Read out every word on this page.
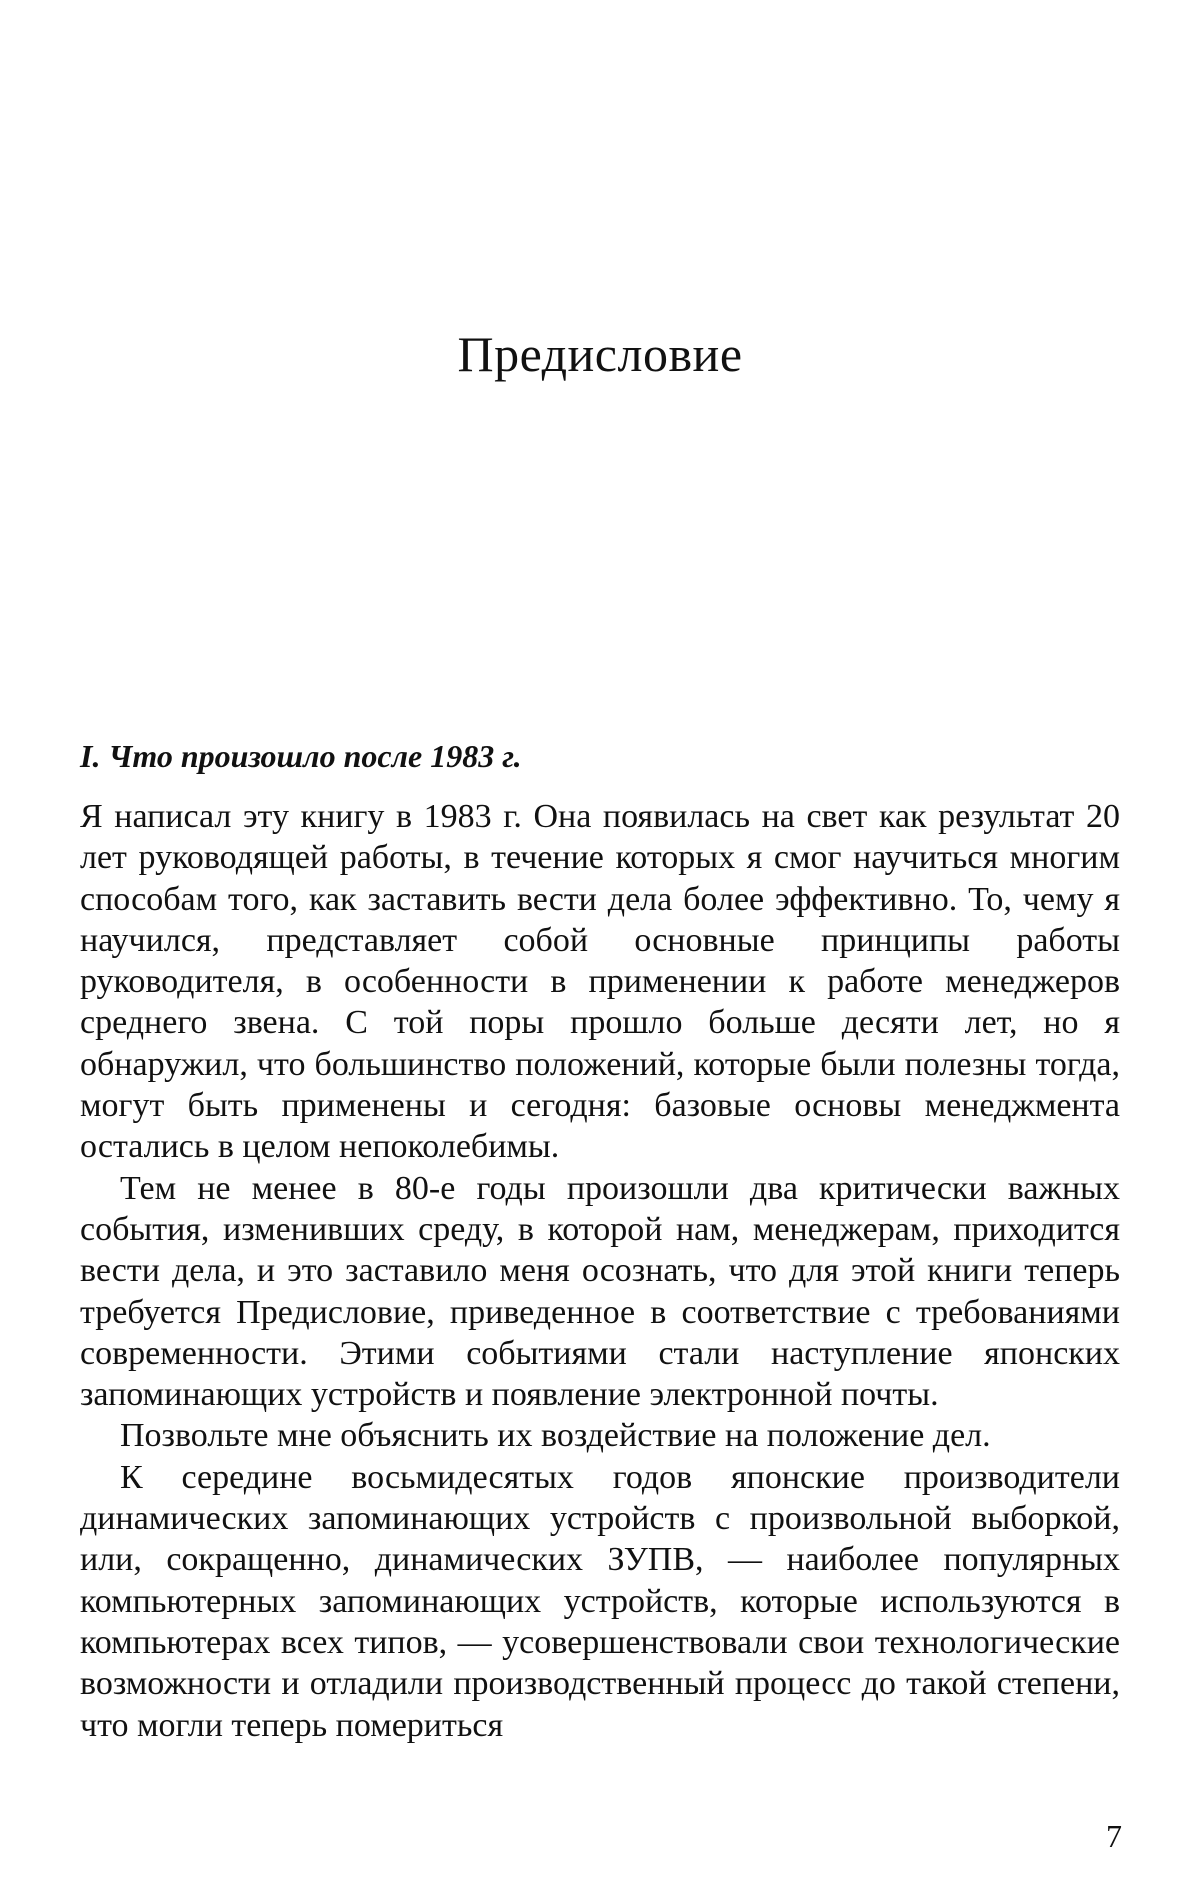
Предисловие
I. Что произошло после 1983 г.

Я написал эту книгу в 1983 г. Она появилась на свет как результат 20 лет руководящей работы, в течение которых я смог научиться многим способам того, как заставить вести дела более эффективно. То, чему я научился, представляет собой основные принципы работы руководителя, в особенности в применении к работе менеджеров среднего звена. С той поры прошло больше десяти лет, но я обнаружил, что большинство положений, которые были полезны тогда, могут быть применены и сегодня: базовые основы менеджмента остались в целом непоколебимы.

Тем не менее в 80-е годы произошли два критически важных события, изменивших среду, в которой нам, менеджерам, приходится вести дела, и это заставило меня осознать, что для этой книги теперь требуется Предисловие, приведенное в соответствие с требованиями современности. Этими событиями стали наступление японских запоминающих устройств и появление электронной почты.

Позвольте мне объяснить их воздействие на положение дел.

К середине восьмидесятых годов японские производители динамических запоминающих устройств с произвольной выборкой, или, сокращенно, динамических ЗУПВ, — наиболее популярных компьютерных запоминающих устройств, которые используются в компьютерах всех типов, — усовершенствовали свои технологические возможности и отладили производственный процесс до такой степени, что могли теперь помериться

7
